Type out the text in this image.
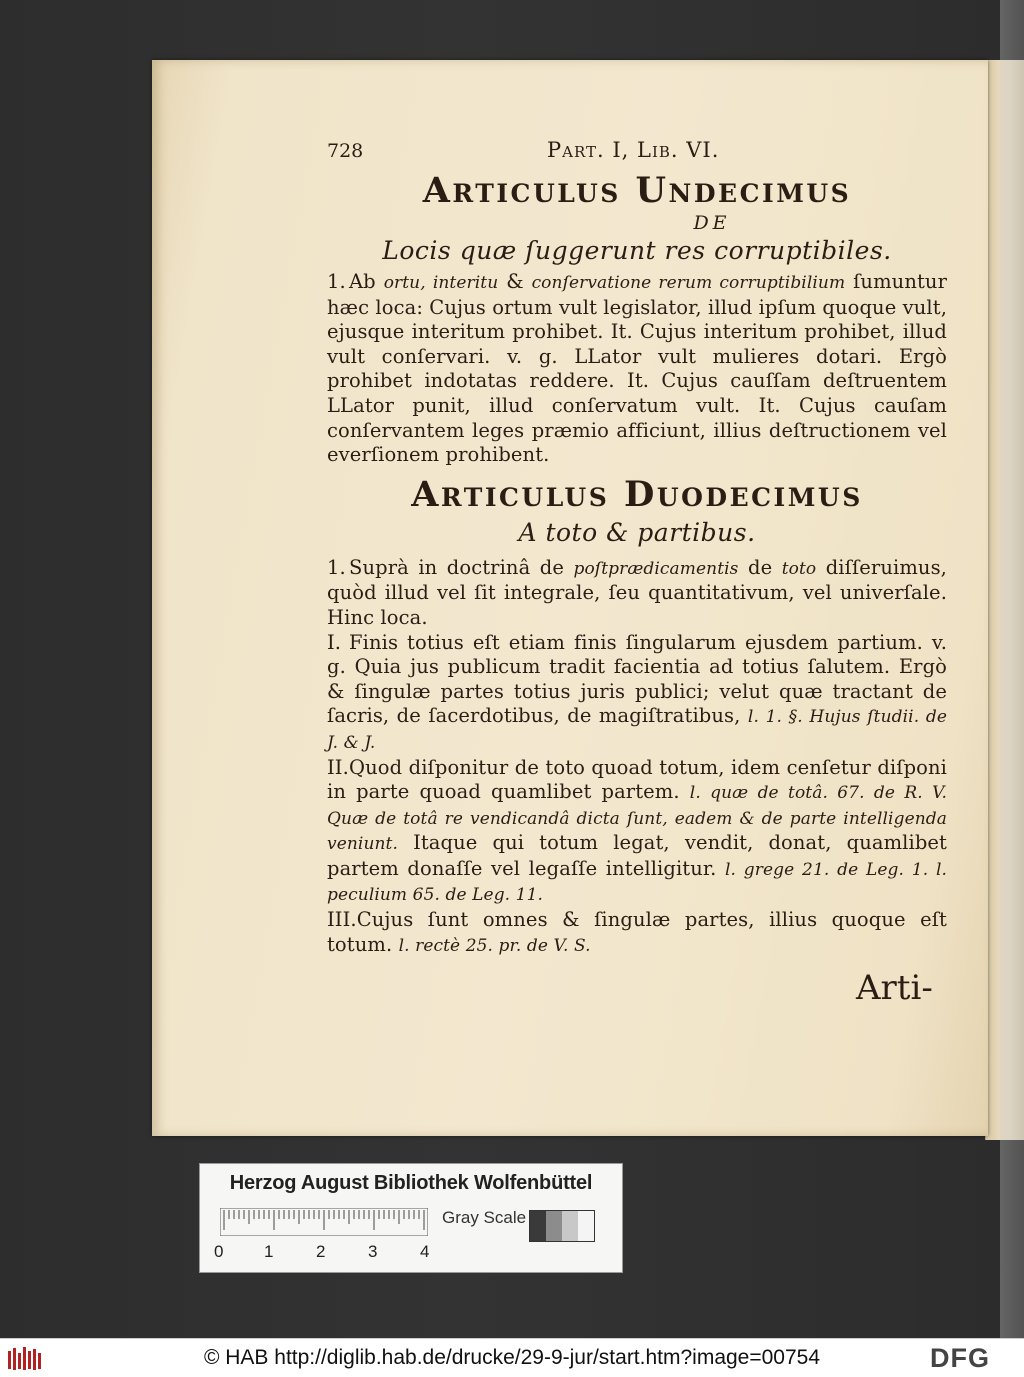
728	Part. I, Lib. VI.
Articulus Undecimus
DE
Locis quæ ſuggerunt res corruptibiles.

1. Ab ortu, interitu & conſervatione rerum corruptibilium ſumuntur hæc loca: Cujus ortum vult legislator, illud ipſum quoque vult, ejusque interitum prohibet. It. Cujus interitum prohibet, illud vult conſervari. v. g. LLator vult mulieres dotari. Ergò prohibet indotatas reddere. It. Cujus cauſſam deſtruentem LLator punit, illud conſervatum vult. It. Cujus cauſam conſervantem leges præmio afficiunt, illius deſtructionem vel everſionem prohibent.

Articulus Duodecimus
A toto & partibus.

1. Suprà in doctrinâ de poſtprædicamentis de toto diſſeruimus, quòd illud vel ſit integrale, ſeu quantitativum, vel univerſale. Hinc loca.

I. Finis totius eſt etiam finis ſingularum ejusdem partium. v. g. Quia jus publicum tradit facientia ad totius ſalutem. Ergò & ſingulæ partes totius juris publici; velut quæ tractant de ſacris, de ſacerdotibus, de magiſtratibus, l. 1. §. Hujus ſtudii. de J. & J.

II.Quod diſponitur de toto quoad totum, idem cenſetur diſponi in parte quoad quamlibet partem. l. quæ de totâ. 67. de R. V. Quæ de totâ re vendicandâ dicta ſunt, eadem & de parte intelligenda veniunt. Itaque qui totum legat, vendit, donat, quamlibet partem donaſſe vel legaſſe intelligitur. l. grege 21. de Leg. 1. l. peculium 65. de Leg. 11.

III.Cujus ſunt omnes & ſingulæ partes, illius quoque eſt totum. l. rectè 25. pr. de V. S.

Arti-
Herzog August Bibliothek Wolfenbüttel
Gray Scale
0 1	2	3	4
© HAB http://diglib.hab.de/drucke/29-9-jur/start.htm?image=00754	DFG
